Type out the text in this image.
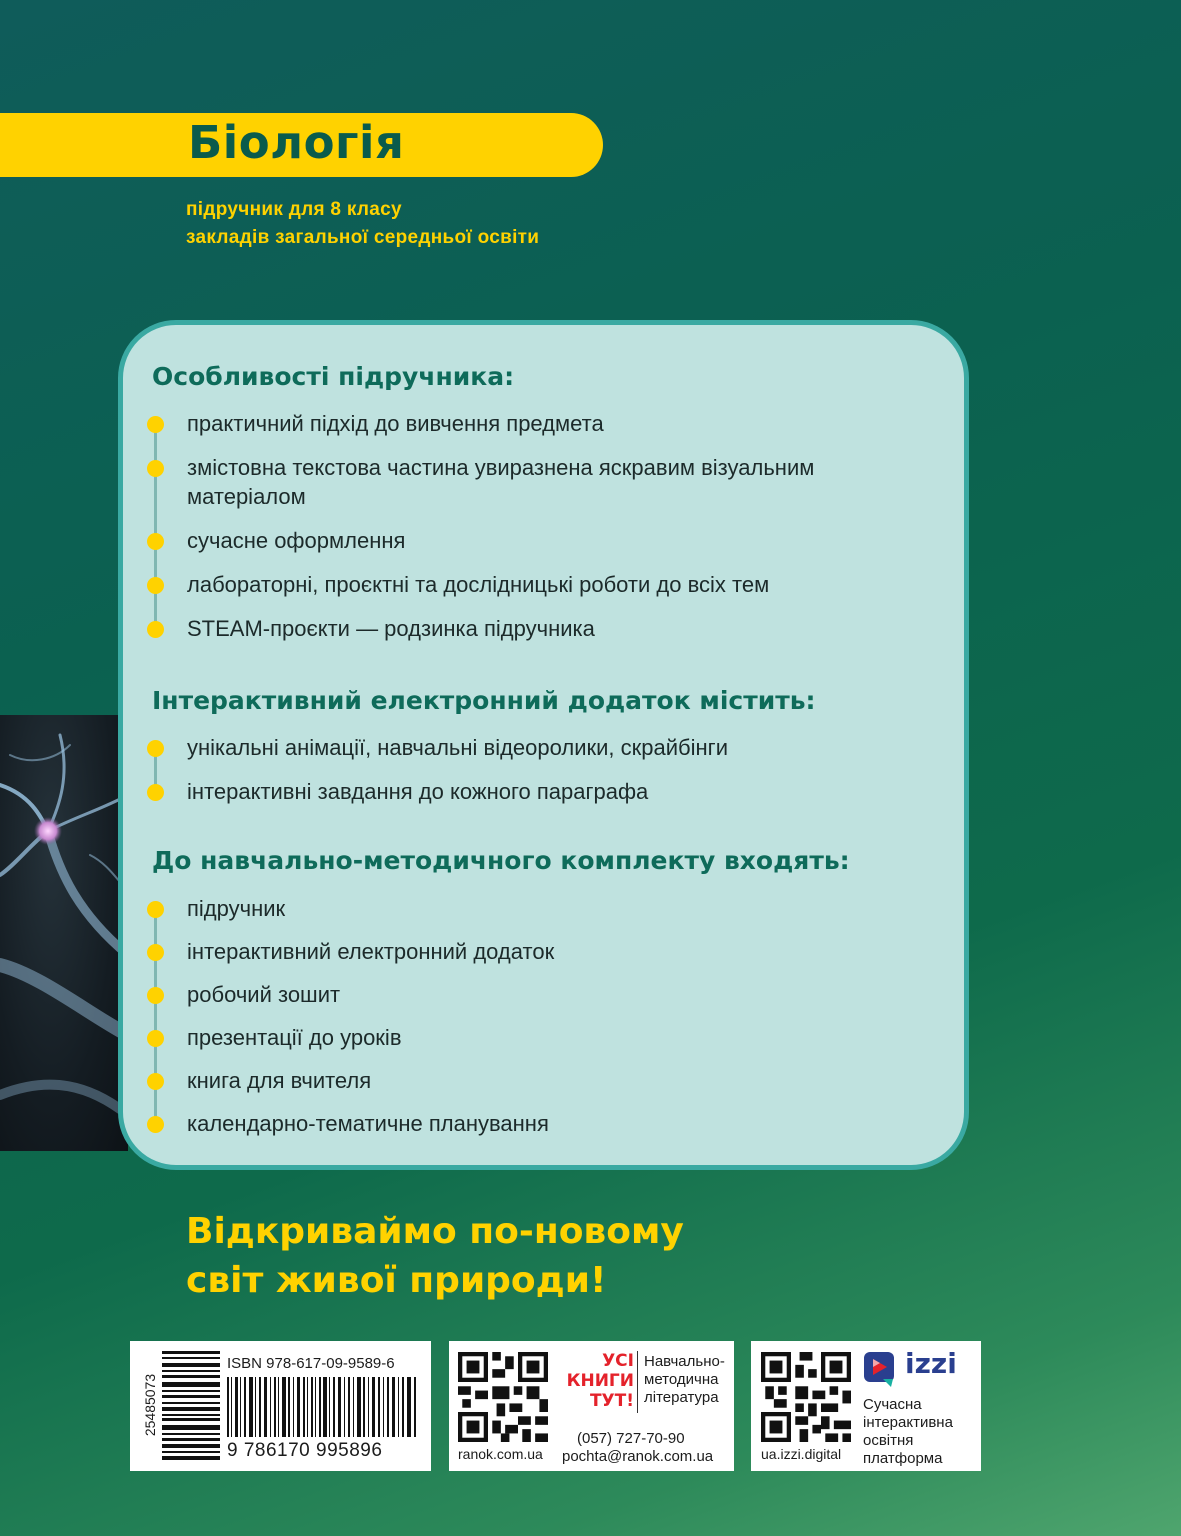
Біологія
підручник для 8 класу
закладів загальної середньої освіти
Особливості підручника:
практичний підхід до вивчення предмета
змістовна текстова частина увиразнена яскравим візуальним матеріалом
сучасне оформлення
лабораторні, проєктні та дослідницькі роботи до всіх тем
STEAM-проєкти — родзинка підручника
Інтерактивний електронний додаток містить:
унікальні анімації, навчальні відеоролики, скрайбінги
інтерактивні завдання до кожного параграфа
До навчально-методичного комплекту входять:
підручник
інтерактивний електронний додаток
робочий зошит
презентації до уроків
книга для вчителя
календарно-тематичне планування
Відкриваймо по-новому
світ живої природи!
25485073
ISBN 978-617-09-9589-6
9 786170 995896
УСІ
КНИГИ
ТУТ!
Навчально-
методична
література
ranok.com.ua
(057) 727-70-90
pochta@ranok.com.ua
izzi
Сучасна
інтерактивна
освітня
платформа
ua.izzi.digital
